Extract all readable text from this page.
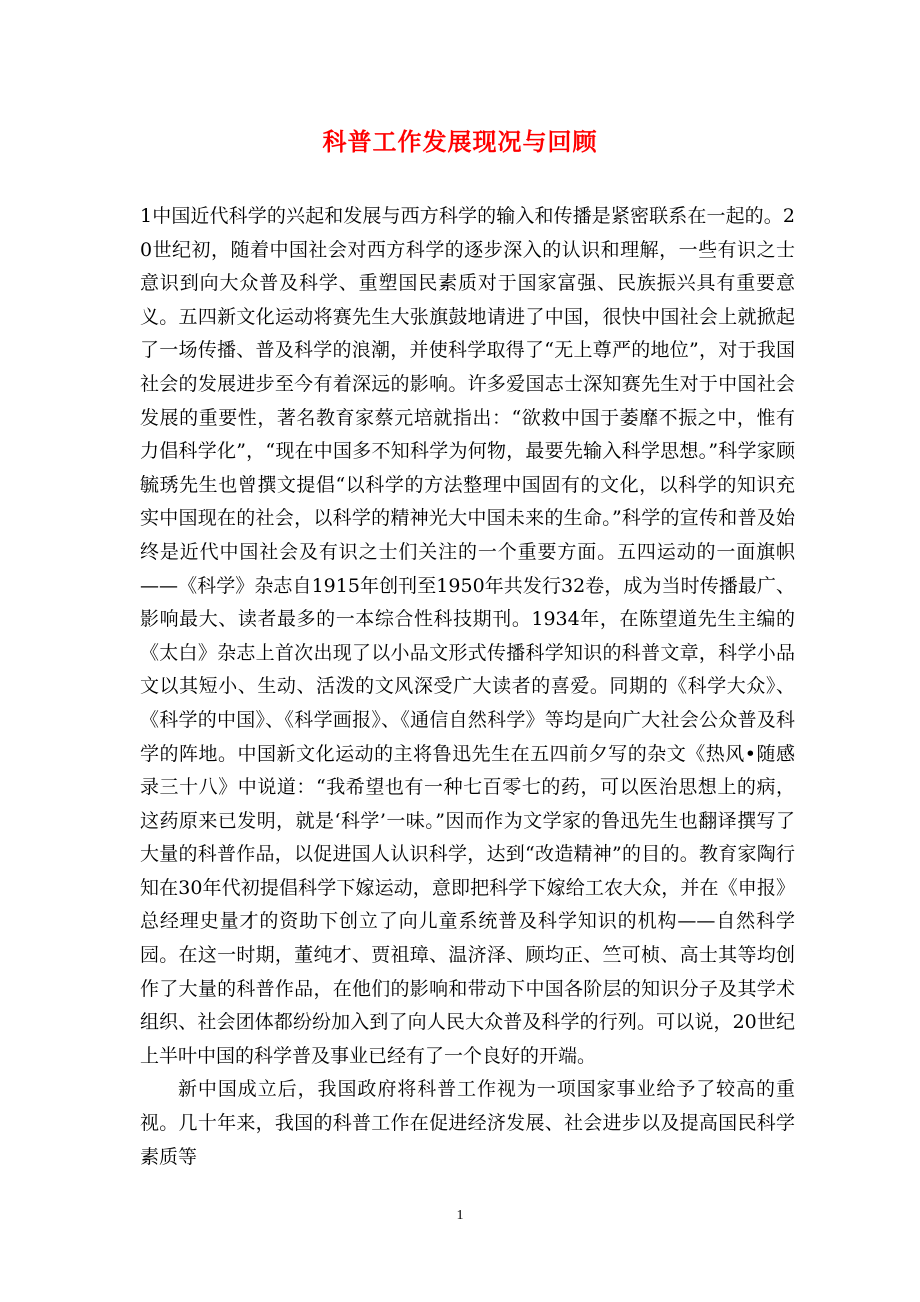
科普工作发展现况与回顾

1中国近代科学的兴起和发展与西方科学的输入和传播是紧密联系在一起的。20世纪初，随着中国社会对西方科学的逐步深入的认识和理解，一些有识之士意识到向大众普及科学、重塑国民素质对于国家富强、民族振兴具有重要意义。五四新文化运动将赛先生大张旗鼓地请进了中国，很快中国社会上就掀起了一场传播、普及科学的浪潮，并使科学取得了“无上尊严的地位”，对于我国社会的发展进步至今有着深远的影响。许多爱国志士深知赛先生对于中国社会发展的重要性，著名教育家蔡元培就指出：“欲救中国于萎靡不振之中，惟有力倡科学化”，“现在中国多不知科学为何物，最要先输入科学思想。”科学家顾毓琇先生也曾撰文提倡“以科学的方法整理中国固有的文化，以科学的知识充实中国现在的社会，以科学的精神光大中国未来的生命。”科学的宣传和普及始终是近代中国社会及有识之士们关注的一个重要方面。五四运动的一面旗帜——《科学》杂志自1915年创刊至1950年共发行32卷，成为当时传播最广、影响最大、读者最多的一本综合性科技期刊。1934年，在陈望道先生主编的《太白》杂志上首次出现了以小品文形式传播科学知识的科普文章，科学小品文以其短小、生动、活泼的文风深受广大读者的喜爱。同期的《科学大众》、《科学的中国》、《科学画报》、《通信自然科学》等均是向广大社会公众普及科学的阵地。中国新文化运动的主将鲁迅先生在五四前夕写的杂文《热风•随感录三十八》中说道：“我希望也有一种七百零七的药，可以医治思想上的病，这药原来已发明，就是‘科学’一味。”因而作为文学家的鲁迅先生也翻译撰写了大量的科普作品，以促进国人认识科学，达到“改造精神”的目的。教育家陶行知在30年代初提倡科学下嫁运动，意即把科学下嫁给工农大众，并在《申报》总经理史量才的资助下创立了向儿童系统普及科学知识的机构——自然科学园。在这一时期，董纯才、贾祖璋、温济泽、顾均正、竺可桢、高士其等均创作了大量的科普作品，在他们的影响和带动下中国各阶层的知识分子及其学术组织、社会团体都纷纷加入到了向人民大众普及科学的行列。可以说，20世纪上半叶中国的科学普及事业已经有了一个良好的开端。

新中国成立后，我国政府将科普工作视为一项国家事业给予了较高的重视。几十年来，我国的科普工作在促进经济发展、社会进步以及提高国民科学素质等

1
